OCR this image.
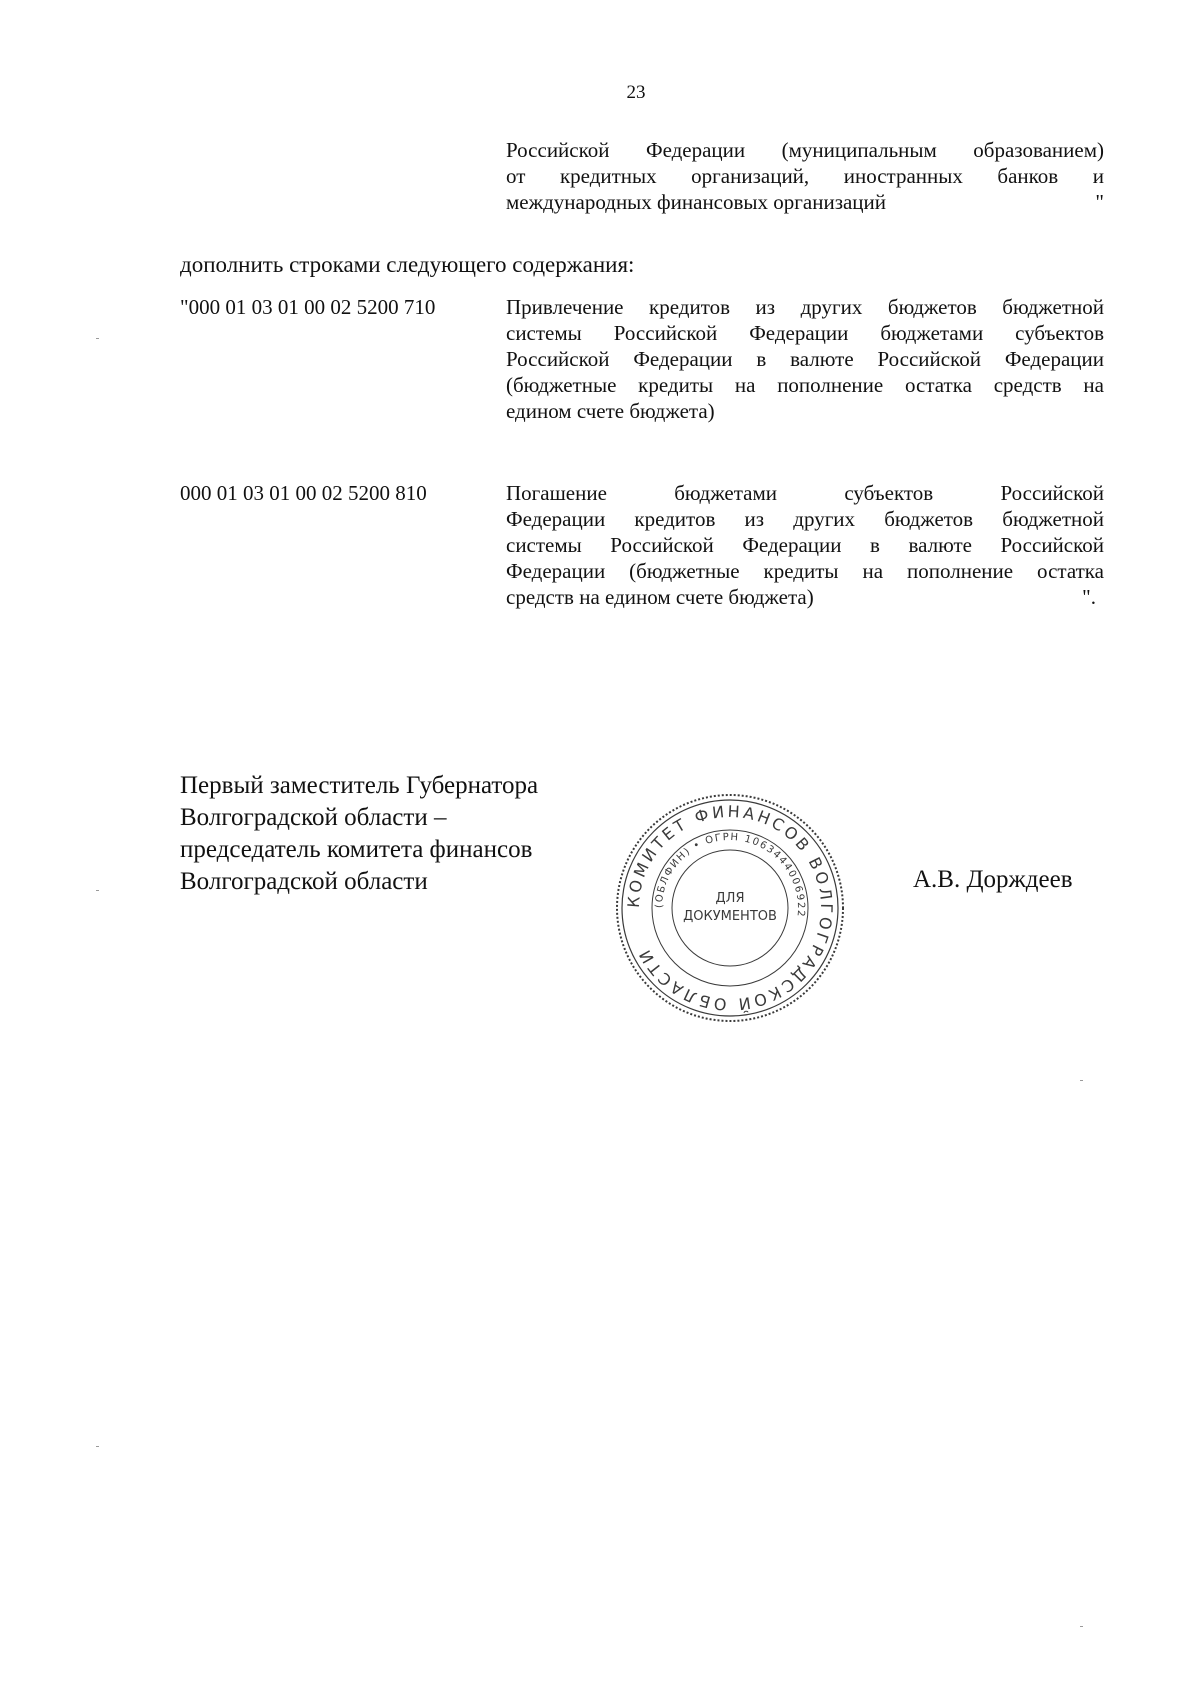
23
Российской Федерации (муниципальным образованием)
от кредитных организаций, иностранных банков и
международных финансовых организаций	"
дополнить строками следующего содержания:
"000 01 03 01 00 02 5200 710	Привлечение кредитов из других бюджетов бюджетной
системы Российской Федерации бюджетами субъектов
Российской Федерации в валюте Российской Федерации
(бюджетные кредиты на пополнение остатка средств на
едином счете бюджета)
000 01 03 01 00 02 5200 810	Погашение бюджетами субъектов Российской
Федерации кредитов из других бюджетов бюджетной
системы Российской Федерации в валюте Российской
Федерации (бюджетные кредиты на пополнение остатка
средств на едином счете бюджета)	".
Первый заместитель Губернатора
Волгоградской области –
председатель комитета финансов
Волгоградской области	А.В. Дорждеев
КОМИТЕТ ФИНАНСОВ ВОЛГОГРАДСКОЙ ОБЛАСТИ
(ОБЛФИН) • ОГРН 1063444006922
ДЛЯ
ДОКУМЕНТОВ
